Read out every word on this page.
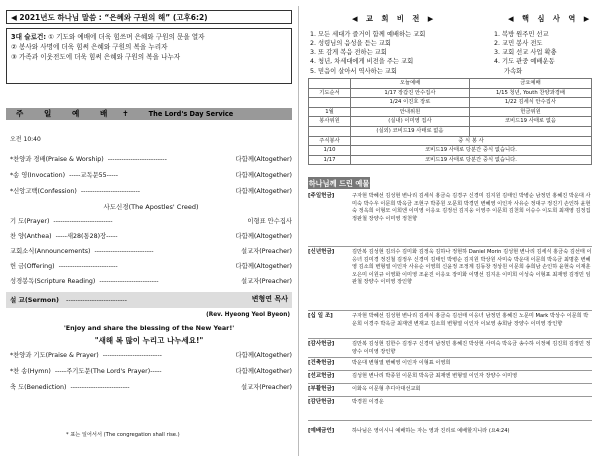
◀ 2021년도 하나님 말씀 : “은혜와 구원의 해” (고후6:2)
3대 슬로건: ① 기도와 예배에 더욱 힘쓰며 은혜와 구원의 문을 열자
② 봉사와 사명에 더욱 힘써 은혜와 구원의 복을 누리자
③ 가족과 이웃전도에 더욱 힘써 은혜와 구원의 복을 나누자
주 일 예 배 ✝	The Lord's Day Service
오전 10:40
*찬양과 경배(Praise & Worship) --------------------------	다함께(Altogether)
*송 영(Invocation) -----교독문55-----	다함께(Altogether)
*신앙고백(Confession) --------------------------	다함께(Altogether)
사도신경(The Apostles' Creed)
기 도(Prayer) --------------------------	이형표 안수집사
찬 양(Anthea) -----새28(통28)장-----	다함께(Altogether)
교회소식(Announcements) --------------------------	설교자(Preacher)
헌 금(Offering) --------------------------	다함께(Altogether)
성경봉독(Scripture Reading) --------------------------	설교자(Preacher)
설 교(Sermon) --------------------------	변형연 목사
(Rev. Hyeong Yeol Byeon)
'Enjoy and share the blessing of the New Year!'
"새해 복 많이 누리고 나누세요!"
*찬양과 기도(Praise & Prayer) --------------------------	다함께(Altogether)
*찬 송(Hymn) -----주기도문(The Lord's Prayer)-----	다함께(Altogether)
축 도(Benediction) --------------------------	설교자(Preacher)
* 표는 일어서서 (The congregation shall rise.)
◀ 교 회 비 전 ▶	◀ 핵 심 사 역 ▶
1. 모든 세대가 즐거이 함께 예배하는 교회
2. 성령님의 음성을 듣는 교회
3. 또 감게 복음 전하는 교회
4. 청년, 차세대에게 비전을 주는 교회
5. 믿음이 살아서 역사하는 교회
1. 복방 원주민 선교
2. 교민 봉사 전도
3. 교회 선교 사업 확충
4. 기도 관중 예배운동
가속화
	오늘예배	금요예배
기도순서	1/17 장갑진 안수집사	1/15 청년, Youth 찬양과경배
	1/24 이진호 장로	1/22 김세식 안수집사
1월	안내위원	헌금위원
봉사위원	(실내) 이미영 집사	코비드19 사태로 없음
	(실외) 코비드19 사태로 없음	
주식봉사	중 식 봉 사	
1/10	코비드19 사태로 당분간 중식 없습니다.	
1/17	코비드19 사태로 당분간 중식 없습니다.	
하나님께 드린 예물
[주일헌금]	구자현 박혜선 김성현 변나리 김세식 홍금숙 김경구 신경미 김지원 김태인 박병순 남정민 홍혜진 박운대 사미숙 박수우 이문희 박옥금 조현구 박종원 오문희 박경민 변혜영 이인자 사유순 정대구 정진기 손인하 윤현숙 정옥희 이형모 이희엔 이미영 이응요 김정선 김지웅 이영주 이문희 김천희 이승수 이도희 최재영 김정집 정판철 장양수 이미영 정천향
[신년헌금]	김만복 김성현 김의수 김미화 김정욱 김하나 정현하 Daniel Morin 김성현 변나리 김세식 홍금숙 김선태 이응녀 김미경 정진철 김정우 신경미 김태인 박병순 김지원 박상원 사미숙 박운대 이문희 박옥금 최명훈 변혜영 김소희 변형열 이인자 사유순 이영희 신윤정 조정계 김동창 정상원 이문희 송희남 손인하 윤현숙 이재훈 오은미 이원규 이영화 이미영 조윤진 이응요 장미화 이명선 김지운 이미희 이성숙 이형표 최재영 김정민 임판철 장양수 이미영 장인향
[십 일 조]	구자현 박혜선 김성현 변나리 김세식 홍금숙 김선태 이응녀 남정민 홍혜진 노문미 Mark 박상수 이문희 박운희 이경주 박옥금 최재엔 변재교 김소희 변형열 이인자 이보영 송희남 장양수 이미영 장인향
[감사헌금]	김만복 김성현 김한수 김정구 신경미 남정민 홍혜진 박상현 사미숙 박옥금 송수하 이정예 김진희 김정민 정양수 이미영 장인향
[건축헌금]	박운대 변형열 변혜영 이인자 이형표 이영희
[선교헌금]	김성현 변나리 박종원 이문희 박옥금 최재엔 변형열 이인자 장양수 이미영
[부활헌금]	이화옥 이문형 추디아대선교회
[감단헌금]	박경원 이경운
[예배금언]	하나님은 영이시니 예배하는 자는 영과 진리로 예배할지니라 (요4:24)
